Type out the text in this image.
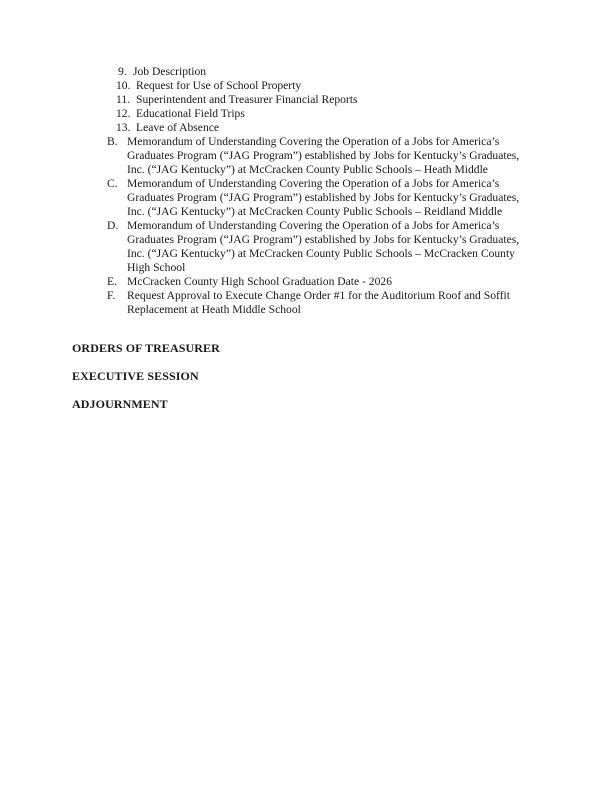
9. Job Description
10. Request for Use of School Property
11. Superintendent and Treasurer Financial Reports
12. Educational Field Trips
13. Leave of Absence
B. Memorandum of Understanding Covering the Operation of a Jobs for America’s
Graduates Program (“JAG Program”) established by Jobs for Kentucky’s Graduates,
Inc. (“JAG Kentucky”) at McCracken County Public Schools – Heath Middle
C. Memorandum of Understanding Covering the Operation of a Jobs for America’s
Graduates Program (“JAG Program”) established by Jobs for Kentucky’s Graduates,
Inc. (“JAG Kentucky”) at McCracken County Public Schools – Reidland Middle
D. Memorandum of Understanding Covering the Operation of a Jobs for America’s
Graduates Program (“JAG Program”) established by Jobs for Kentucky’s Graduates,
Inc. (“JAG Kentucky”) at McCracken County Public Schools – McCracken County
High School
E. McCracken County High School Graduation Date - 2026
F. Request Approval to Execute Change Order #1 for the Auditorium Roof and Soffit
Replacement at Heath Middle School
ORDERS OF TREASURER
EXECUTIVE SESSION
ADJOURNMENT
